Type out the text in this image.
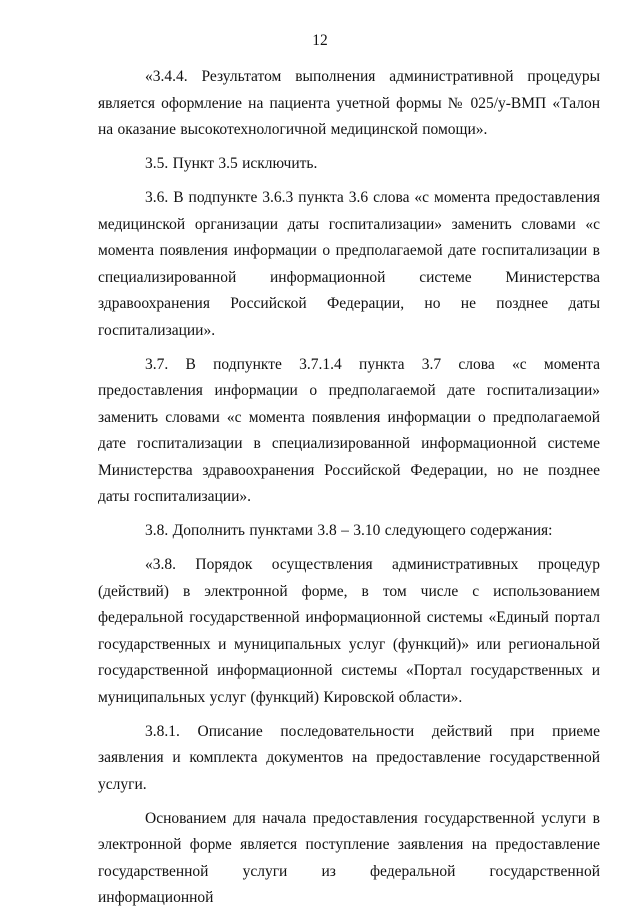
12

«3.4.4. Результатом выполнения административной процедуры является оформление на пациента учетной формы № 025/у-ВМП «Талон на оказание высокотехнологичной медицинской помощи».

3.5. Пункт 3.5 исключить.

3.6. В подпункте 3.6.3 пункта 3.6 слова «с момента предоставления медицинской организации даты госпитализации» заменить словами «с момента появления информации о предполагаемой дате госпитализации в специализированной информационной системе Министерства здравоохранения Российской Федерации, но не позднее даты госпитализации».

3.7. В подпункте 3.7.1.4 пункта 3.7 слова «с момента предоставления информации о предполагаемой дате госпитализации» заменить словами «с момента появления информации о предполагаемой дате госпитализации в специализированной информационной системе Министерства здравоохранения Российской Федерации, но не позднее даты госпитализации».

3.8. Дополнить пунктами 3.8 – 3.10 следующего содержания:

«3.8. Порядок осуществления административных процедур (действий) в электронной форме, в том числе с использованием федеральной государственной информационной системы «Единый портал государственных и муниципальных услуг (функций)» или региональной государственной информационной системы «Портал государственных и муниципальных услуг (функций) Кировской области».

3.8.1. Описание последовательности действий при приеме заявления и комплекта документов на предоставление государственной услуги.

Основанием для начала предоставления государственной услуги в электронной форме является поступление заявления на предоставление государственной услуги из федеральной государственной информационной
